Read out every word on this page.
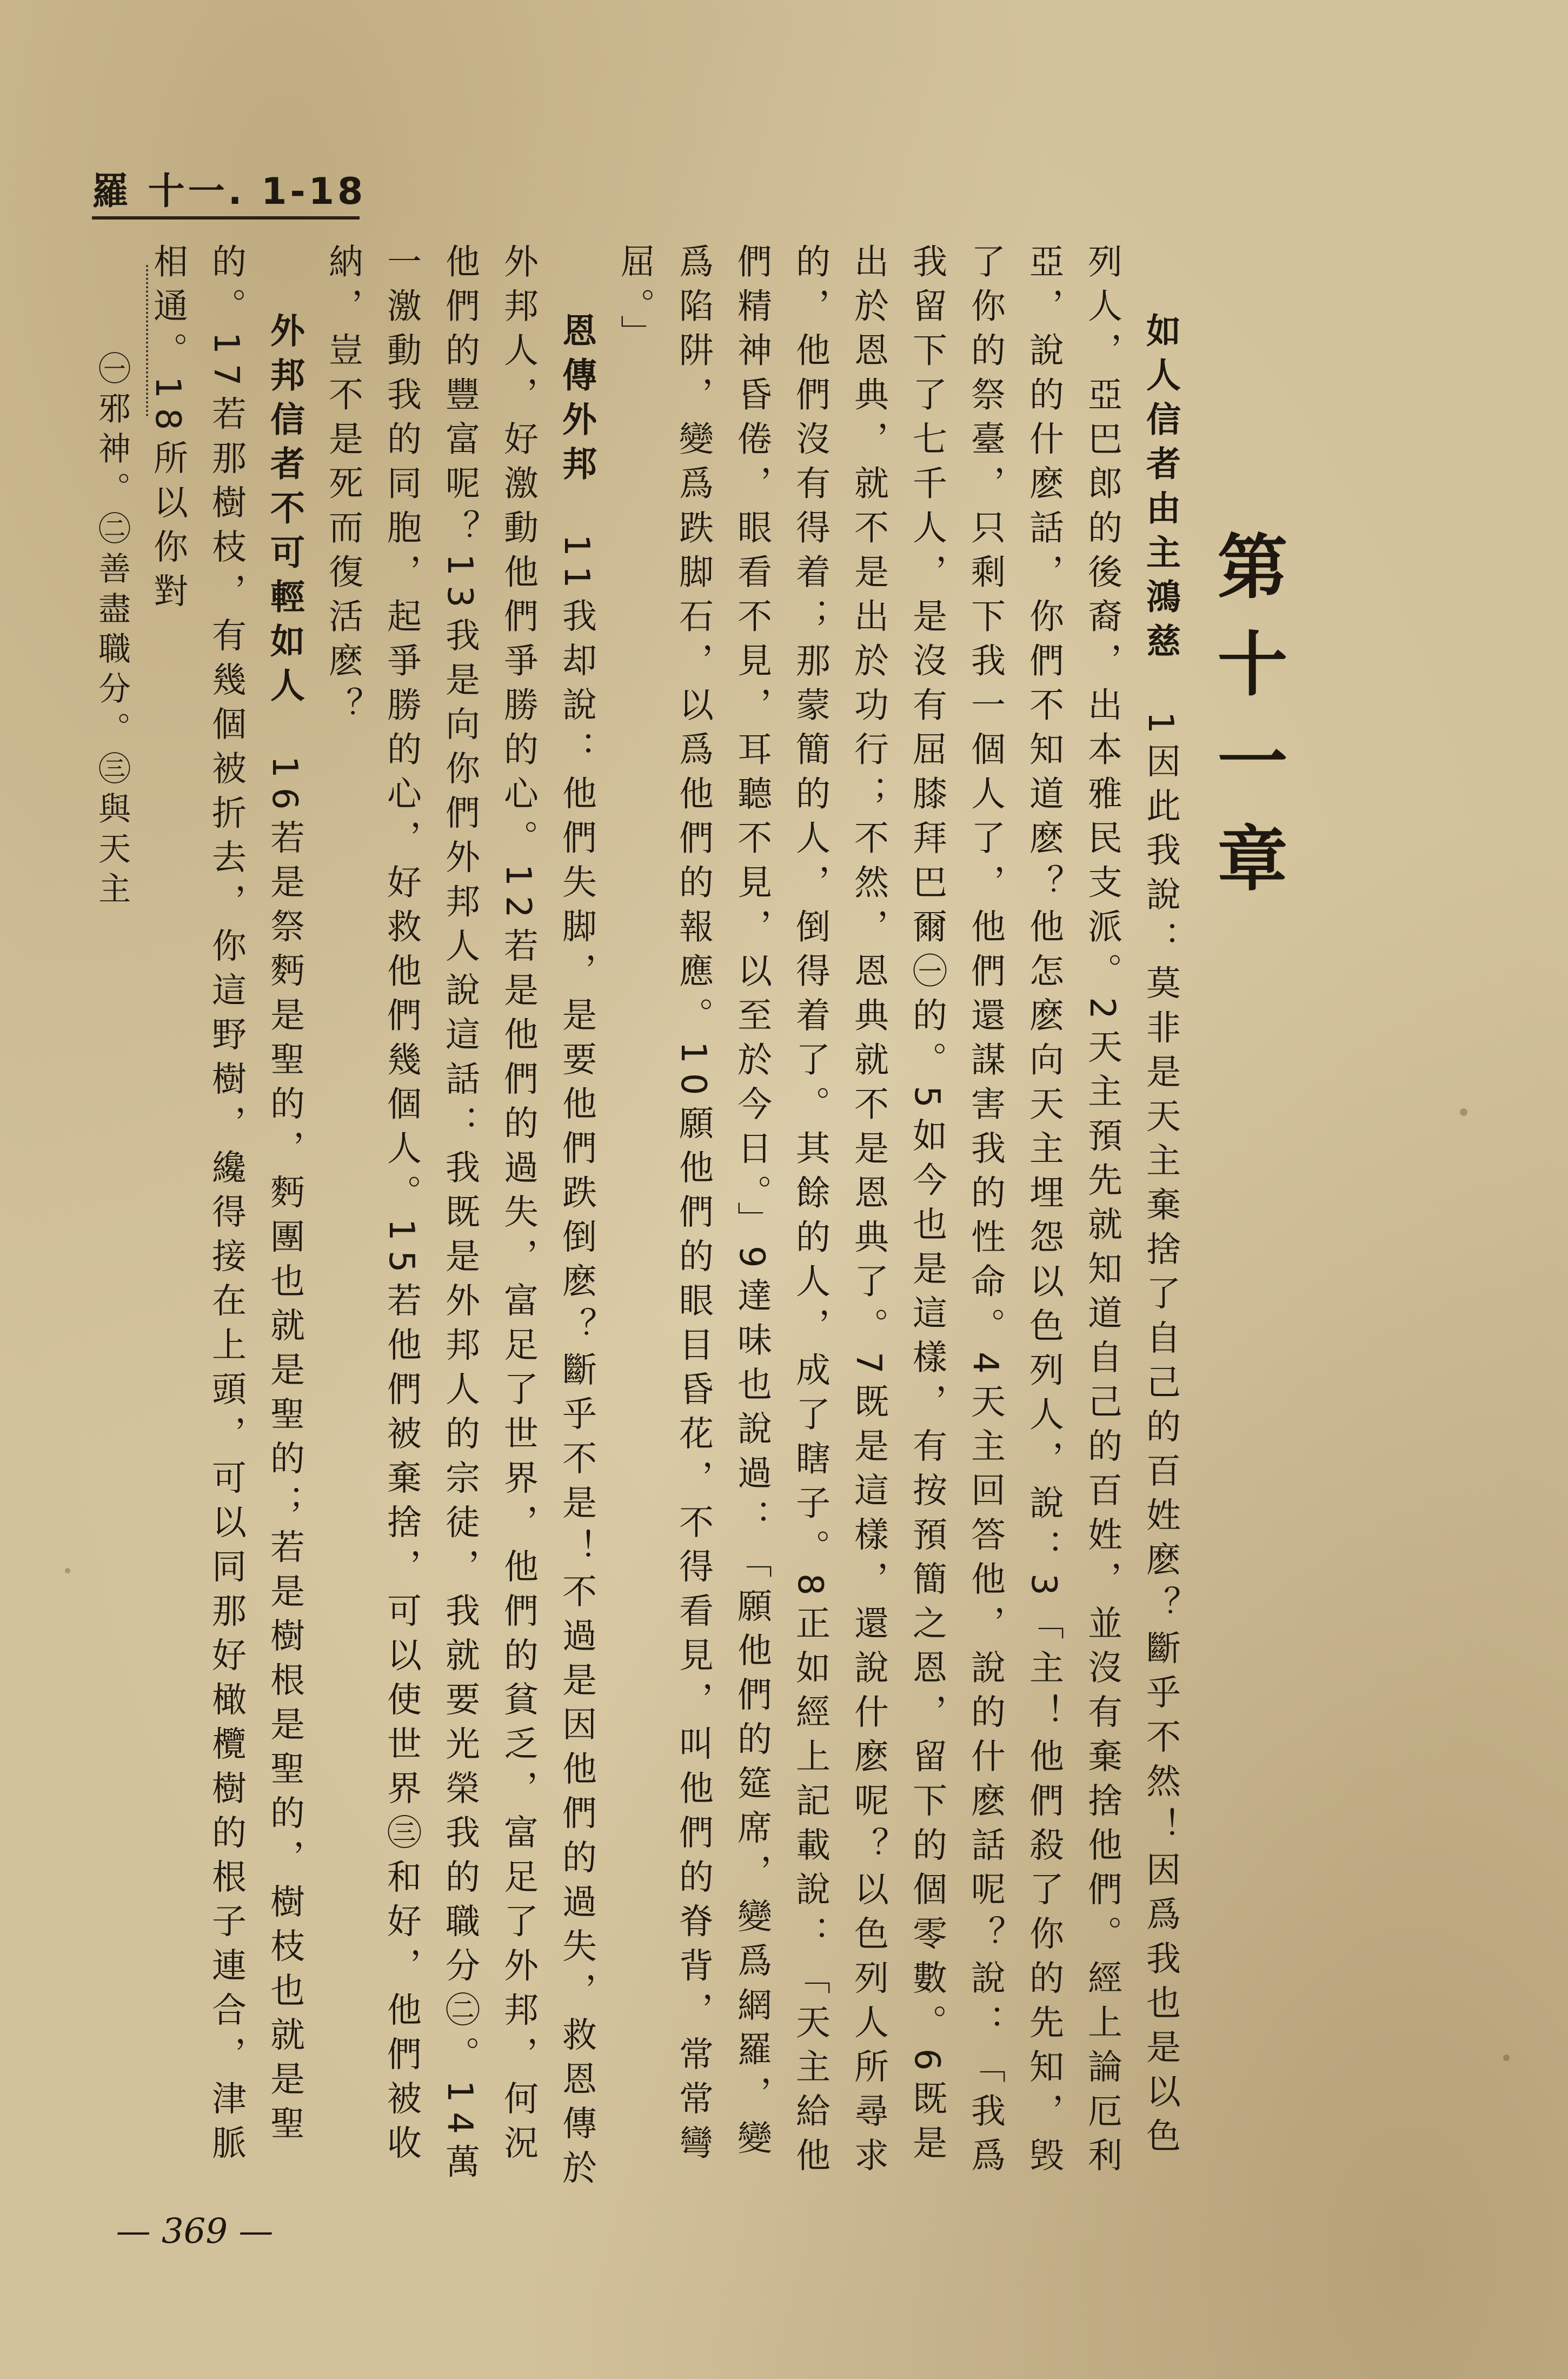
羅 十一. 1-18
第十一章

如人信者由主鴻慈　1因此我說：莫非是天主棄捨了自己的百姓麽？斷乎不然！因爲我也是以色列人，亞巴郎的後裔，出本雅民支派。2天主預先就知道自己的百姓，並沒有棄捨他們。經上論厄利亞，說的什麽話，你們不知道麽？他怎麽向天主埋怨以色列人，說：3「主！他們殺了你的先知，毁了你的祭臺，只剩下我一個人了，他們還謀害我的性命。4天主回答他，說的什麽話呢？說：「我爲我留下了七千人，是沒有屈膝拜巴爾㊀的。5如今也是這樣，有按預簡之恩，留下的個零數。6既是出於恩典，就不是出於功行；不然，恩典就不是恩典了。7既是這樣，還說什麽呢？以色列人所尋求的，他們沒有得着；那蒙簡的人，倒得着了。其餘的人，成了瞎子。8正如經上記載說：「天主給他們精神昏倦，眼看不見，耳聽不見，以至於今日。」9達味也說過：「願他們的筵席，變爲網羅，變爲陷阱，變爲跌脚石，以爲他們的報應。10願他們的眼目昏花，不得看見，叫他們的脊背，常常彎屈。」

恩傳外邦　11我却說：他們失脚，是要他們跌倒麽？斷乎不是！不過是因他們的過失，救恩傳於外邦人，好激動他們爭勝的心。12若是他們的過失，富足了世界，他們的貧乏，富足了外邦，何況他們的豐富呢？13我是向你們外邦人說這話：我既是外邦人的宗徒，我就要光榮我的職分㊁。14萬一激動我的同胞，起爭勝的心，好救他們幾個人。15若他們被棄捨，可以使世界㊂和好，他們被收納，豈不是死而復活麽？

外邦信者不可輕如人　16若是祭麪是聖的，麪團也就是聖的；若是樹根是聖的，樹枝也就是聖的。17若那樹枝，有幾個被折去，你這野樹，纔得接在上頭，可以同那好橄欖樹的根子連合，津脈相通。18所以你對

㊀邪神。㊁善盡職分。㊂與天主
— 369 —
